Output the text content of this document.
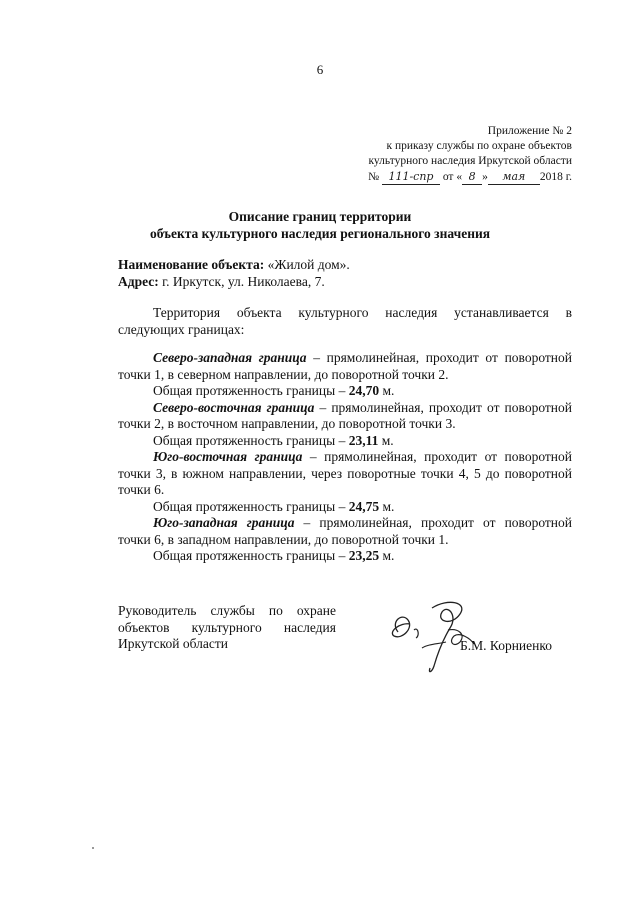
6
Приложение № 2
к приказу службы по охране объектов
культурного наследия Иркутской области
№ 111-спр от « 8 » мая 2018 г.
Описание границ территории
объекта культурного наследия регионального значения
Наименование объекта: «Жилой дом».
Адрес: г. Иркутск, ул. Николаева, 7.
Территория объекта культурного наследия устанавливается в следующих границах:
Северо-западная граница – прямолинейная, проходит от поворотной точки 1, в северном направлении, до поворотной точки 2.
Общая протяженность границы – 24,70 м.
Северо-восточная граница – прямолинейная, проходит от поворотной точки 2, в восточном направлении, до поворотной точки 3.
Общая протяженность границы – 23,11 м.
Юго-восточная граница – прямолинейная, проходит от поворотной точки 3, в южном направлении, через поворотные точки 4, 5 до поворотной точки 6.
Общая протяженность границы – 24,75 м.
Юго-западная граница – прямолинейная, проходит от поворотной точки 6, в западном направлении, до поворотной точки 1.
Общая протяженность границы – 23,25 м.
Руководитель службы по охране
объектов культурного наследия
Иркутской области	Б.М. Корниенко
